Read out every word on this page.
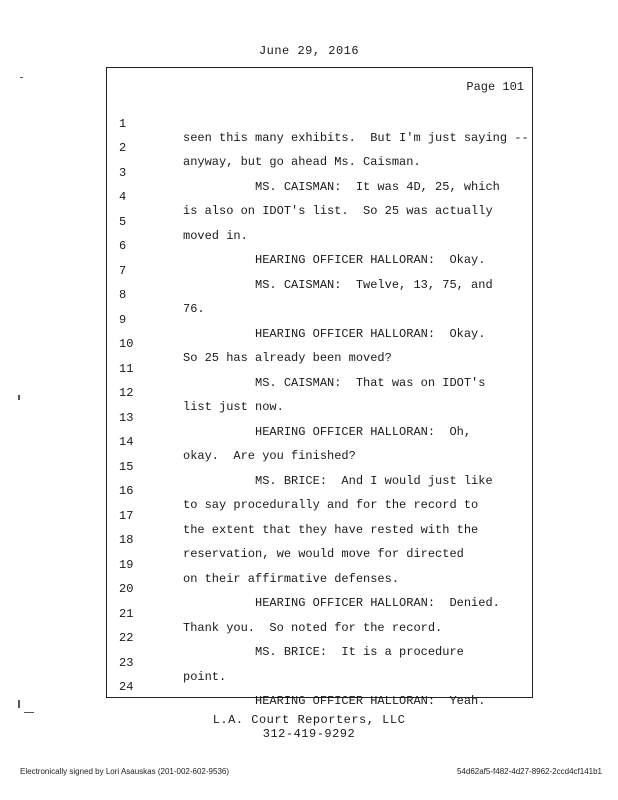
June 29, 2016
Page 101

1

seen this many exhibits.  But I'm just saying --

2

anyway, but go ahead Ms. Caisman.

3

MS. CAISMAN:  It was 4D, 25, which

4

is also on IDOT's list.  So 25 was actually

5

moved in.

6

HEARING OFFICER HALLORAN:  Okay.

7

MS. CAISMAN:  Twelve, 13, 75, and

8

76.

9

HEARING OFFICER HALLORAN:  Okay.

10

So 25 has already been moved?

11

MS. CAISMAN:  That was on IDOT's

12

list just now.

13

HEARING OFFICER HALLORAN:  Oh,

14

okay.  Are you finished?

15

MS. BRICE:  And I would just like

16

to say procedurally and for the record to

17

the extent that they have rested with the

18

reservation, we would move for directed

19

on their affirmative defenses.

20

HEARING OFFICER HALLORAN:  Denied.

21

Thank you.  So noted for the record.

22

MS. BRICE:  It is a procedure

23

point.

24

HEARING OFFICER HALLORAN:  Yeah.

L.A. Court Reporters, LLC
312-419-9292
Electronically signed by Lori Asauskas (201-002-602-9536)	54d62af5-f482-4d27-8962-2ccd4cf141b1
